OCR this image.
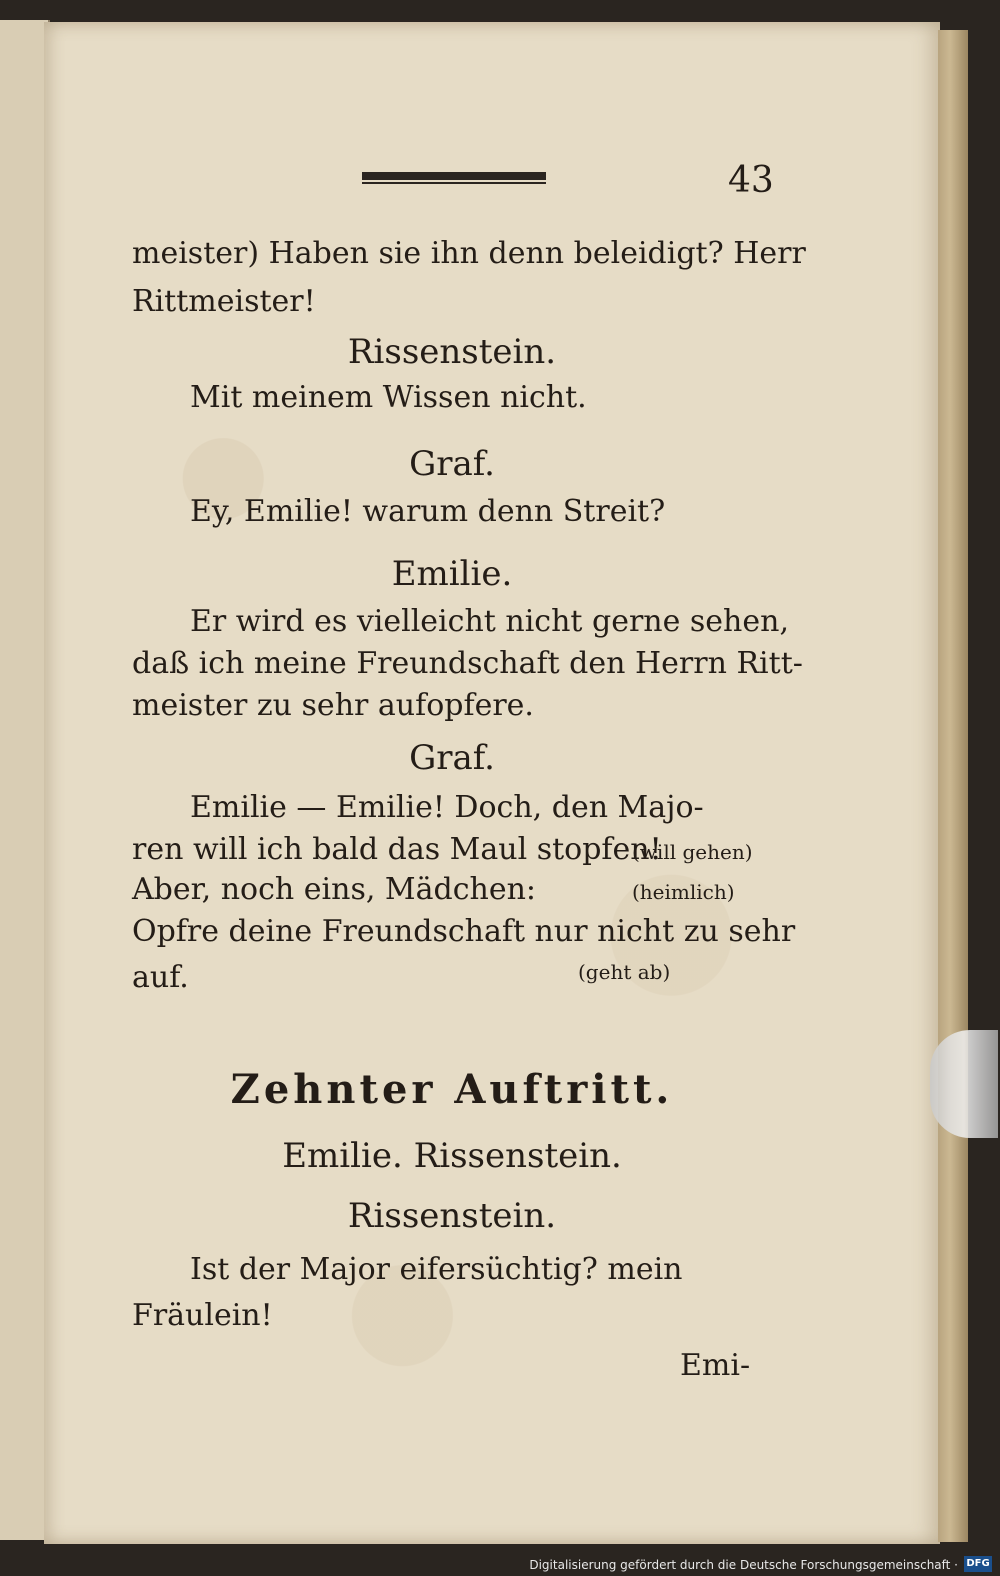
43
meister) Haben sie ihn denn beleidigt? Herr
Rittmeister!
Rissenstein.
Mit meinem Wissen nicht.
Graf.
Ey, Emilie! warum denn Streit?
Emilie.
Er wird es vielleicht nicht gerne sehen,
daß ich meine Freundschaft den Herrn Ritt-
meister zu sehr aufopfere.
Graf.
Emilie — Emilie! Doch, den Majo-
ren will ich bald das Maul stopfen!
(will gehen)
Aber, noch eins, Mädchen:	(heimlich)
Opfre deine Freundschaft nur nicht zu sehr
auf.	(geht ab)
Zehnter Auftritt.
Emilie. Rissenstein.
Rissenstein.
Ist der Major eifersüchtig? mein
Fräulein!
Emi-
Digitalisierung gefördert durch die Deutsche Forschungsgemeinschaft · DFG
